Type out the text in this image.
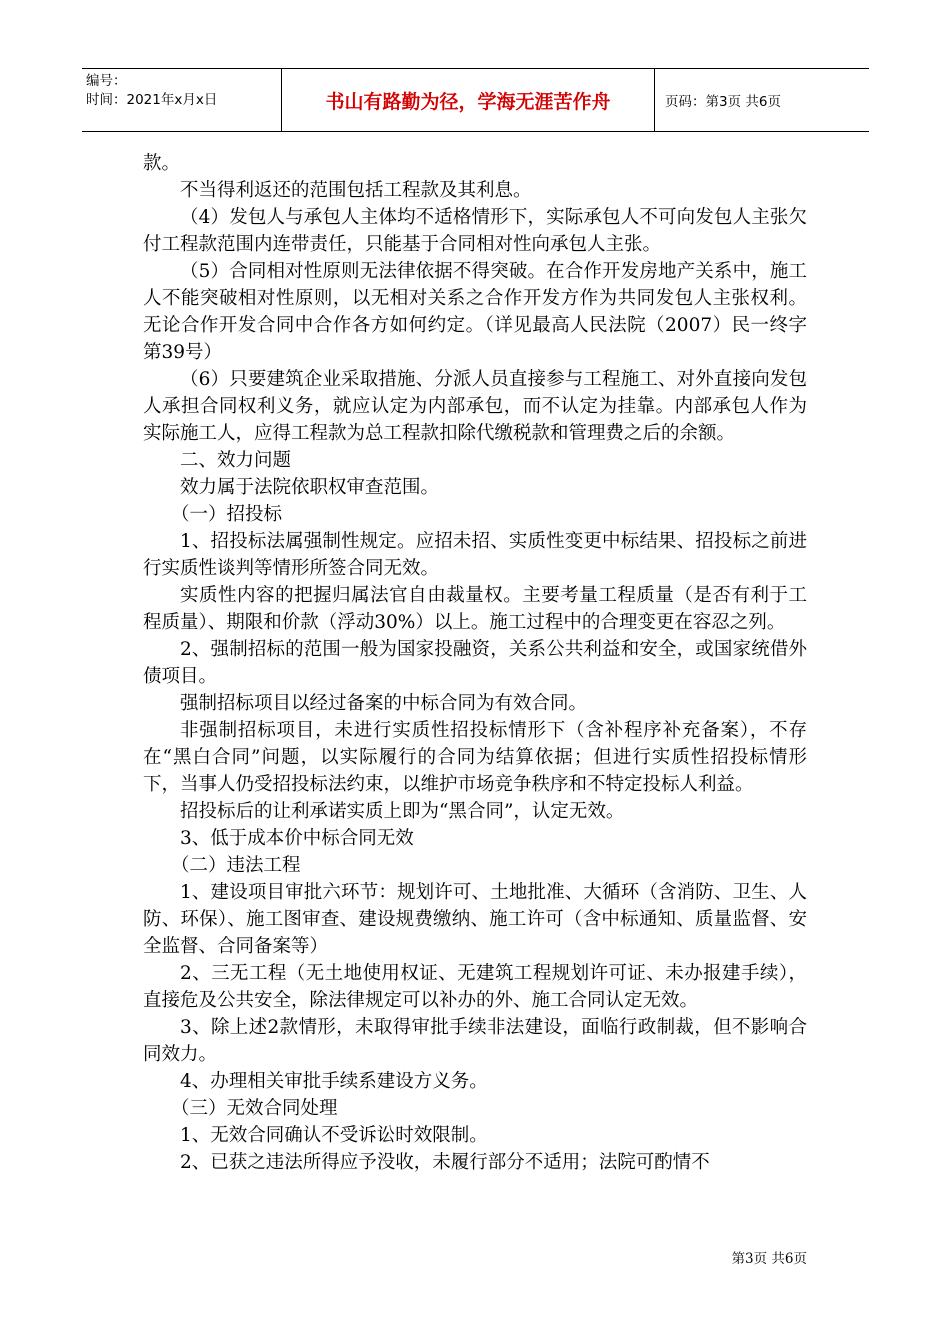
编号：
时间：2021年x月x日	书山有路勤为径，学海无涯苦作舟	页码：第3页 共6页

款。

不当得利返还的范围包括工程款及其利息。

（4）发包人与承包人主体均不适格情形下，实际承包人不可向发包人主张欠付工程款范围内连带责任，只能基于合同相对性向承包人主张。

（5）合同相对性原则无法律依据不得突破。在合作开发房地产关系中，施工人不能突破相对性原则，以无相对关系之合作开发方作为共同发包人主张权利。无论合作开发合同中合作各方如何约定。（详见最高人民法院（2007）民一终字第39号）

（6）只要建筑企业采取措施、分派人员直接参与工程施工、对外直接向发包人承担合同权利义务，就应认定为内部承包，而不认定为挂靠。内部承包人作为实际施工人，应得工程款为总工程款扣除代缴税款和管理费之后的余额。

二、效力问题

效力属于法院依职权审查范围。

（一）招投标

1、招投标法属强制性规定。应招未招、实质性变更中标结果、招投标之前进行实质性谈判等情形所签合同无效。

实质性内容的把握归属法官自由裁量权。主要考量工程质量（是否有利于工程质量）、期限和价款（浮动30%）以上。施工过程中的合理变更在容忍之列。

2、强制招标的范围一般为国家投融资，关系公共利益和安全，或国家统借外债项目。

强制招标项目以经过备案的中标合同为有效合同。

非强制招标项目，未进行实质性招投标情形下（含补程序补充备案），不存在“黑白合同”问题，以实际履行的合同为结算依据；但进行实质性招投标情形下，当事人仍受招投标法约束，以维护市场竞争秩序和不特定投标人利益。

招投标后的让利承诺实质上即为“黑合同”，认定无效。

3、低于成本价中标合同无效

（二）违法工程

1、建设项目审批六环节：规划许可、土地批准、大循环（含消防、卫生、人防、环保）、施工图审查、建设规费缴纳、施工许可（含中标通知、质量监督、安全监督、合同备案等）

2、三无工程（无土地使用权证、无建筑工程规划许可证、未办报建手续），直接危及公共安全，除法律规定可以补办的外、施工合同认定无效。

3、除上述2款情形，未取得审批手续非法建设，面临行政制裁，但不影响合同效力。

4、办理相关审批手续系建设方义务。

（三）无效合同处理

1、无效合同确认不受诉讼时效限制。

2、已获之违法所得应予没收，未履行部分不适用；法院可酌情不

第3页 共6页
